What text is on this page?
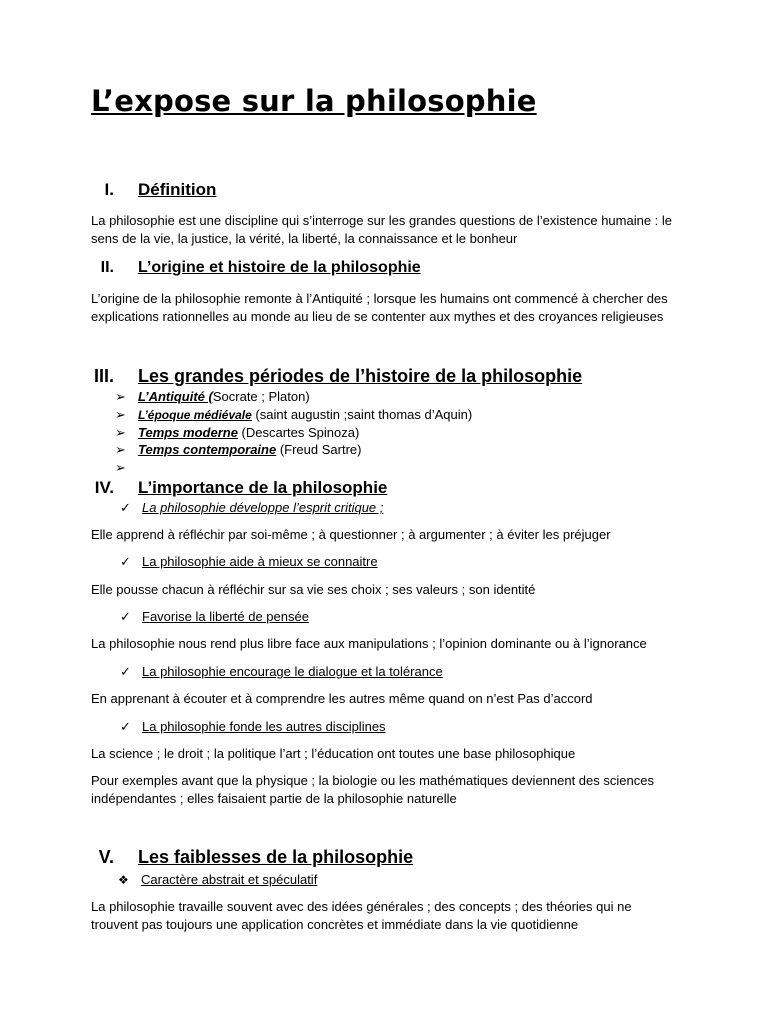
L’expose sur la philosophie
I. Définition
La philosophie est une discipline qui s’interroge sur les grandes questions de l’existence humaine : le
sens de la vie, la justice, la vérité, la liberté, la connaissance et le bonheur
II. L’origine et histoire de la philosophie
L’origine de la philosophie remonte à l’Antiquité ; lorsque les humains ont commencé à chercher des
explications rationnelles au monde au lieu de se contenter aux mythes et des croyances religieuses
III. Les grandes périodes de l’histoire de la philosophie
➢ L’Antiquité (Socrate ; Platon)
➢ L’époque médiévale (saint augustin ;saint thomas d’Aquin)
➢ Temps moderne (Descartes Spinoza)
➢ Temps contemporaine (Freud Sartre)
➢
IV. L’importance de la philosophie
✓ La philosophie développe l’esprit critique ;
Elle apprend à réfléchir par soi-même ; à questionner ; à argumenter ; à éviter les préjuger
✓ La philosophie aide à mieux se connaitre
Elle pousse chacun à réfléchir sur sa vie ses choix ; ses valeurs ; son identité
✓ Favorise la liberté de pensée
La philosophie nous rend plus libre face aux manipulations ; l’opinion dominante ou à l’ignorance
✓ La philosophie encourage le dialogue et la tolérance
En apprenant à écouter et à comprendre les autres même quand on n’est Pas d’accord
✓ La philosophie fonde les autres disciplines
La science ; le droit ; la politique l’art ; l’éducation ont toutes une base philosophique
Pour exemples avant que la physique ; la biologie ou les mathématiques deviennent des sciences
indépendantes ; elles faisaient partie de la philosophie naturelle
V. Les faiblesses de la philosophie
❖ Caractère abstrait et spéculatif
La philosophie travaille souvent avec des idées générales ; des concepts ; des théories qui ne
trouvent pas toujours une application concrètes et immédiate dans la vie quotidienne
